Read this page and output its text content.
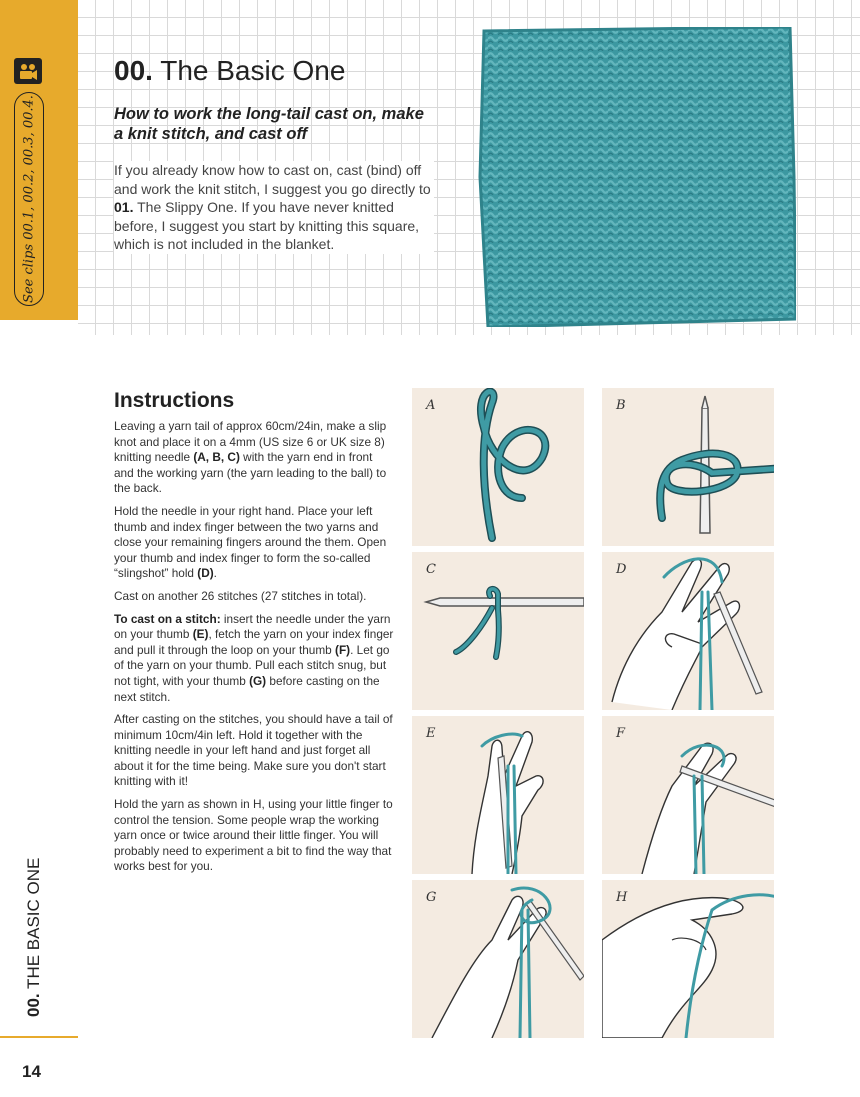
See clips 00.1, 00.2, 00.3, 00.4.
00. The Basic One
How to work the long-tail cast on, make a knit stitch, and cast off

If you already know how to cast on, cast (bind) off and work the knit stitch, I suggest you go directly to 01. The Slippy One. If you have never knitted before, I suggest you start by knitting this square, which is not included in the blanket.

Instructions

Leaving a yarn tail of approx 60cm/24in, make a slip knot and place it on a 4mm (US size 6 or UK size 8) knitting needle (A, B, C) with the yarn end in front and the working yarn (the yarn leading to the ball) to the back.

Hold the needle in your right hand. Place your left thumb and index finger between the two yarns and close your remaining fingers around the them. Open your thumb and index finger to form the so-called “slingshot” hold (D).

Cast on another 26 stitches (27 stitches in total).

To cast on a stitch: insert the needle under the yarn on your thumb (E), fetch the yarn on your index finger and pull it through the loop on your thumb (F). Let go of the yarn on your thumb. Pull each stitch snug, but not tight, with your thumb (G) before casting on the next stitch.

After casting on the stitches, you should have a tail of minimum 10cm/4in left. Hold it together with the knitting needle in your left hand and just forget all about it for the time being. Make sure you don't start knitting with it!

Hold the yarn as shown in H, using your little finger to control the tension. Some people wrap the working yarn once or twice around their little finger. You will probably need to experiment a bit to find the way that works best for you.

A	B
C	D
E	F
G	H
00. THE BASIC ONE
14
